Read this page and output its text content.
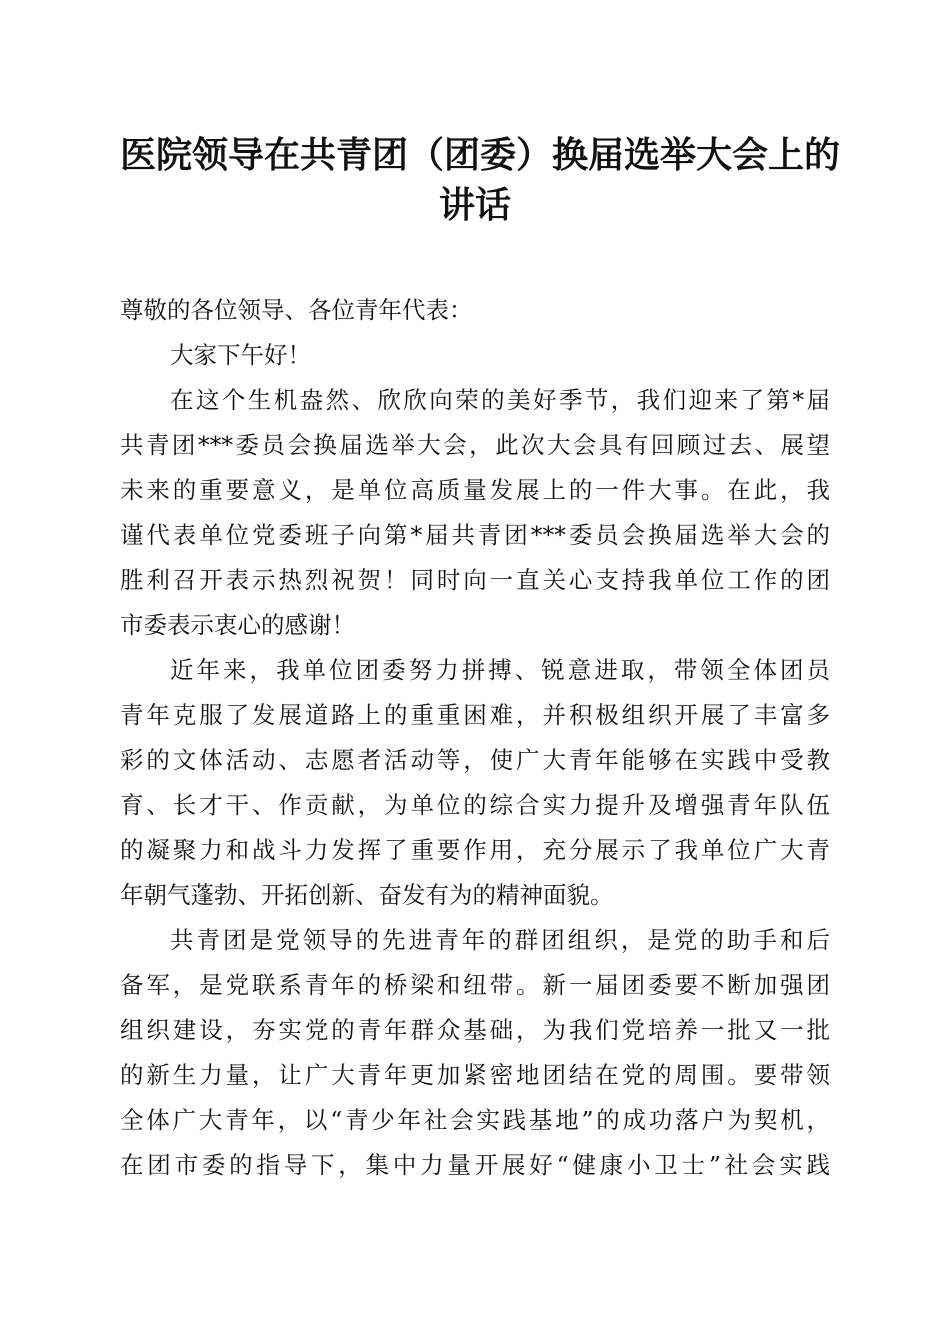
医院领导在共青团（团委）换届选举大会上的
讲话

尊敬的各位领导、各位青年代表：

大家下午好！

在这个生机盎然、欣欣向荣的美好季节，我们迎来了第*届
共青团***委员会换届选举大会，此次大会具有回顾过去、展望
未来的重要意义，是单位高质量发展上的一件大事。在此，我
谨代表单位党委班子向第*届共青团***委员会换届选举大会的
胜利召开表示热烈祝贺！同时向一直关心支持我单位工作的团
市委表示衷心的感谢！

近年来，我单位团委努力拼搏、锐意进取，带领全体团员
青年克服了发展道路上的重重困难，并积极组织开展了丰富多
彩的文体活动、志愿者活动等，使广大青年能够在实践中受教
育、长才干、作贡献，为单位的综合实力提升及增强青年队伍
的凝聚力和战斗力发挥了重要作用，充分展示了我单位广大青
年朝气蓬勃、开拓创新、奋发有为的精神面貌。

共青团是党领导的先进青年的群团组织，是党的助手和后
备军，是党联系青年的桥梁和纽带。新一届团委要不断加强团
组织建设，夯实党的青年群众基础，为我们党培养一批又一批
的新生力量，让广大青年更加紧密地团结在党的周围。要带领
全体广大青年，以“青少年社会实践基地”的成功落户为契机，
在团市委的指导下，集中力量开展好“健康小卫士”社会实践
